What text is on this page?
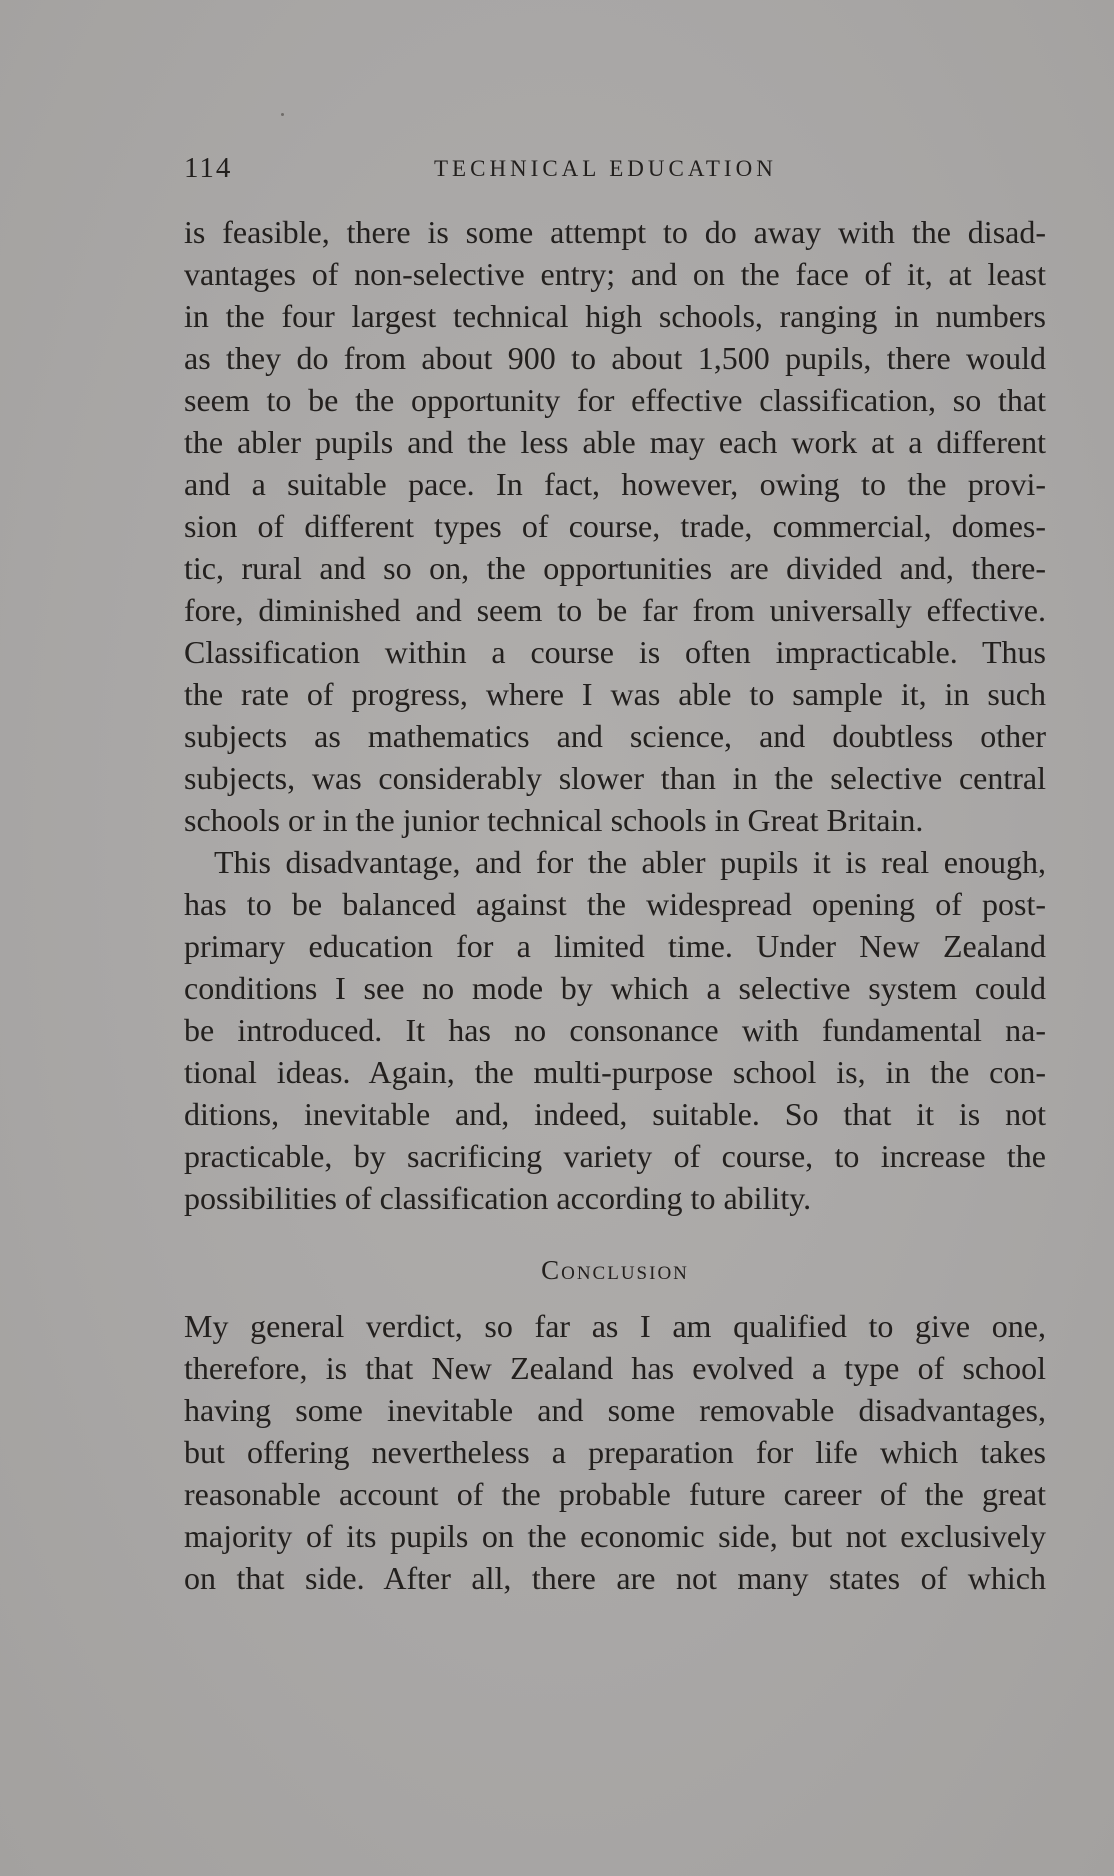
114	TECHNICAL EDUCATION
is feasible, there is some attempt to do away with the disad-
vantages of non-selective entry; and on the face of it, at least
in the four largest technical high schools, ranging in numbers
as they do from about 900 to about 1,500 pupils, there would
seem to be the opportunity for effective classification, so that
the abler pupils and the less able may each work at a different
and a suitable pace. In fact, however, owing to the provi-
sion of different types of course, trade, commercial, domes-
tic, rural and so on, the opportunities are divided and, there-
fore, diminished and seem to be far from universally effective.
Classification within a course is often impracticable. Thus
the rate of progress, where I was able to sample it, in such
subjects as mathematics and science, and doubtless other
subjects, was considerably slower than in the selective central
schools or in the junior technical schools in Great Britain.
This disadvantage, and for the abler pupils it is real enough,
has to be balanced against the widespread opening of post-
primary education for a limited time. Under New Zealand
conditions I see no mode by which a selective system could
be introduced. It has no consonance with fundamental na-
tional ideas. Again, the multi-purpose school is, in the con-
ditions, inevitable and, indeed, suitable. So that it is not
practicable, by sacrificing variety of course, to increase the
possibilities of classification according to ability.
Conclusion
My general verdict, so far as I am qualified to give one,
therefore, is that New Zealand has evolved a type of school
having some inevitable and some removable disadvantages,
but offering nevertheless a preparation for life which takes
reasonable account of the probable future career of the great
majority of its pupils on the economic side, but not exclusively
on that side. After all, there are not many states of which
